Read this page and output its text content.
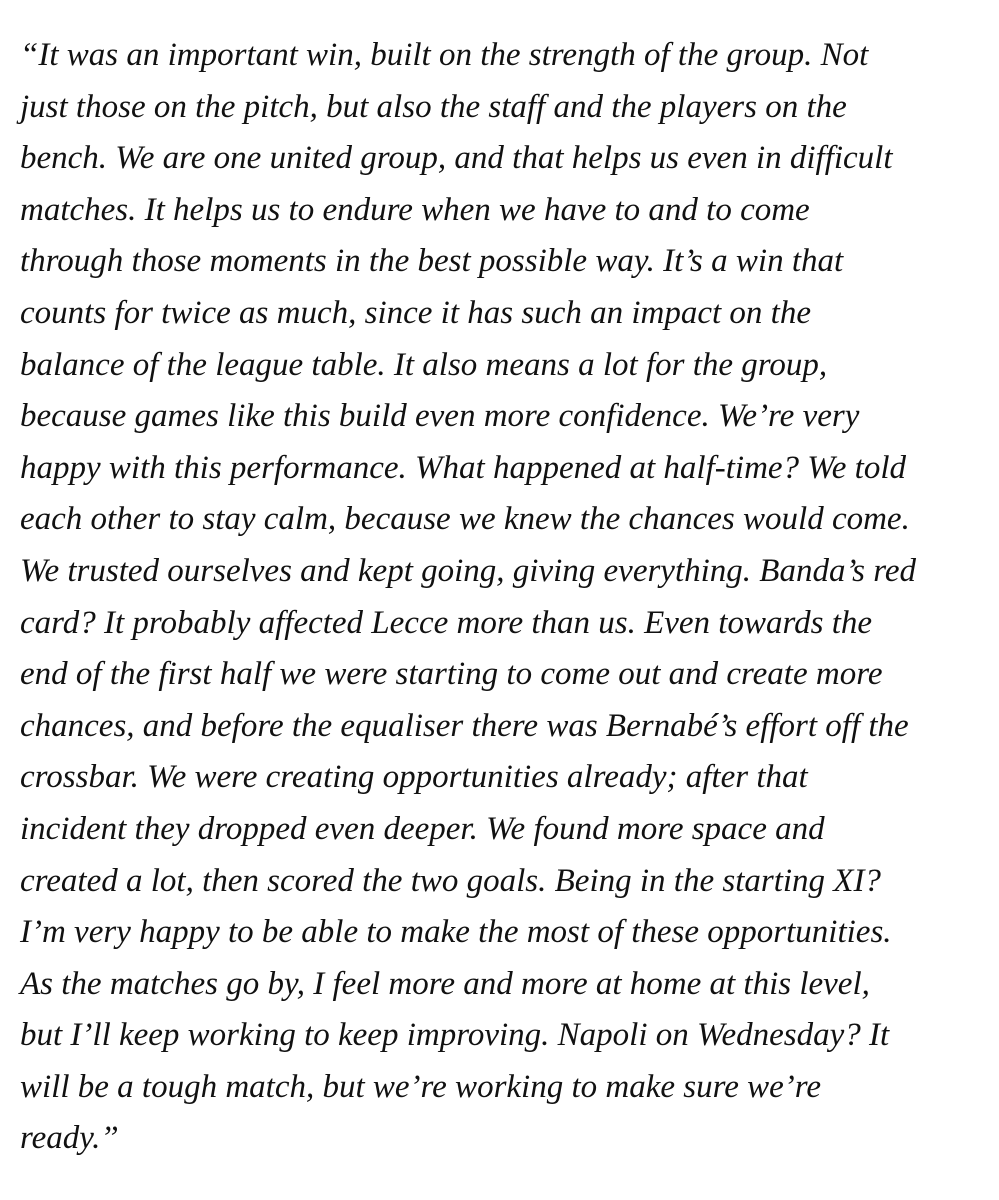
“It was an important win, built on the strength of the group. Not
just those on the pitch, but also the staff and the players on the
bench. We are one united group, and that helps us even in difficult
matches. It helps us to endure when we have to and to come
through those moments in the best possible way. It’s a win that
counts for twice as much, since it has such an impact on the
balance of the league table. It also means a lot for the group,
because games like this build even more confidence. We’re very
happy with this performance. What happened at half-time? We told
each other to stay calm, because we knew the chances would come.
We trusted ourselves and kept going, giving everything. Banda’s red
card? It probably affected Lecce more than us. Even towards the
end of the first half we were starting to come out and create more
chances, and before the equaliser there was Bernabé’s effort off the
crossbar. We were creating opportunities already; after that
incident they dropped even deeper. We found more space and
created a lot, then scored the two goals. Being in the starting XI?
I’m very happy to be able to make the most of these opportunities.
As the matches go by, I feel more and more at home at this level,
but I’ll keep working to keep improving. Napoli on Wednesday? It
will be a tough match, but we’re working to make sure we’re
ready.”
